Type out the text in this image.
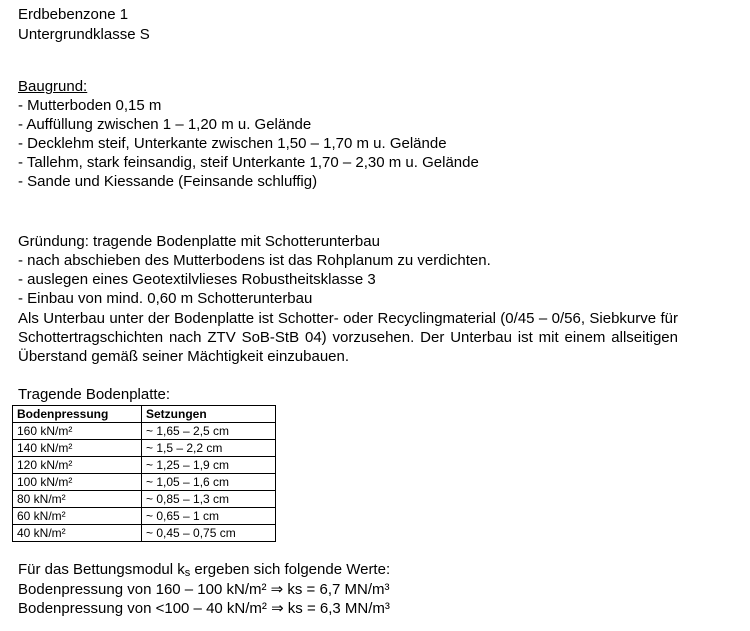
Erdbebenzone 1

Untergrundklasse S

Baugrund:

- Mutterboden 0,15 m

- Auffüllung zwischen 1 – 1,20 m u. Gelände

- Decklehm steif, Unterkante zwischen 1,50 – 1,70 m u. Gelände

- Tallehm, stark feinsandig, steif Unterkante 1,70 – 2,30 m u. Gelände

- Sande und Kiessande (Feinsande schluffig)

Gründung: tragende Bodenplatte mit Schotterunterbau

- nach abschieben des Mutterbodens ist das Rohplanum zu verdichten.

- auslegen eines Geotextilvlieses Robustheitsklasse 3

- Einbau von mind. 0,60 m Schotterunterbau

Als Unterbau unter der Bodenplatte ist Schotter- oder Recyclingmaterial (0/45 – 0/56, Siebkurve für Schottertragschichten nach ZTV SoB-StB 04) vorzusehen. Der Unterbau ist mit einem allseitigen Überstand gemäß seiner Mächtigkeit einzubauen.

Tragende Bodenplatte:

Bodenpressung	Setzungen
160 kN/m²	~ 1,65 – 2,5 cm
140 kN/m²	~ 1,5 – 2,2 cm
120 kN/m²	~ 1,25 – 1,9 cm
100 kN/m²	~ 1,05 – 1,6 cm
80 kN/m²	~ 0,85 – 1,3 cm
60 kN/m²	~ 0,65 – 1 cm
40 kN/m²	~ 0,45 – 0,75 cm

Für das Bettungsmodul $k_s$ ergeben sich folgende Werte:

Bodenpressung von 160 – 100 kN/m² ⇒ ks = 6,7 MN/m³

Bodenpressung von <100 – 40 kN/m² ⇒ ks = 6,3 MN/m³
